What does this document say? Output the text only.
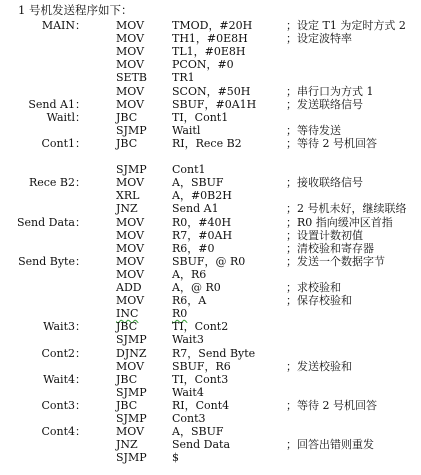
1 号机发送程序如下：
MAIN：	MOV	TMOD，#20H	；设定 T1 为定时方式 2
MOV	TH1，#0E8H	；设定波特率
MOV	TL1，#0E8H
MOV	PCON，#0
SETB TR1
MOV	SCON，#50H	；串行口为方式 1
Send A1：	MOV	SBUF，#0A1H	；发送联络信号
Waitl：	JBC	TI，Cont1
SJMP Waitl	；等待发送
Cont1：	JBC	RI，Rece B2	；等待 2 号机回答
SJMP Cont1
Rece B2：	MOV	A，SBUF	；接收联络信号
XRL	A，#0B2H
JNZ	Send A1	；2 号机未好，继续联络
Send Data：	MOV	R0，#40H	；R0 指向缓冲区首指
MOV	R7，#0AH	；设置计数初值
MOV	R6，#0	；清校验和寄存器
Send Byte：	MOV	SBUF，@ R0	；发送一个数据字节
MOV	A，R6
ADD	A，@ R0	；求校验和
MOV	R6，A	；保存校验和
INC	R0
Wait3：	JBC	TI，Cont2
SJMP Wait3
Cont2：	DJNZ R7，Send Byte
MOV	SBUF，R6	；发送校验和
Wait4：	JBC	TI，Cont3
SJMP Wait4
Cont3：	JBC	RI，Cont4	；等待 2 号机回答
SJMP Cont3
Cont4：	MOV	A，SBUF
JNZ	Send Data	；回答出错则重发
SJMP $
